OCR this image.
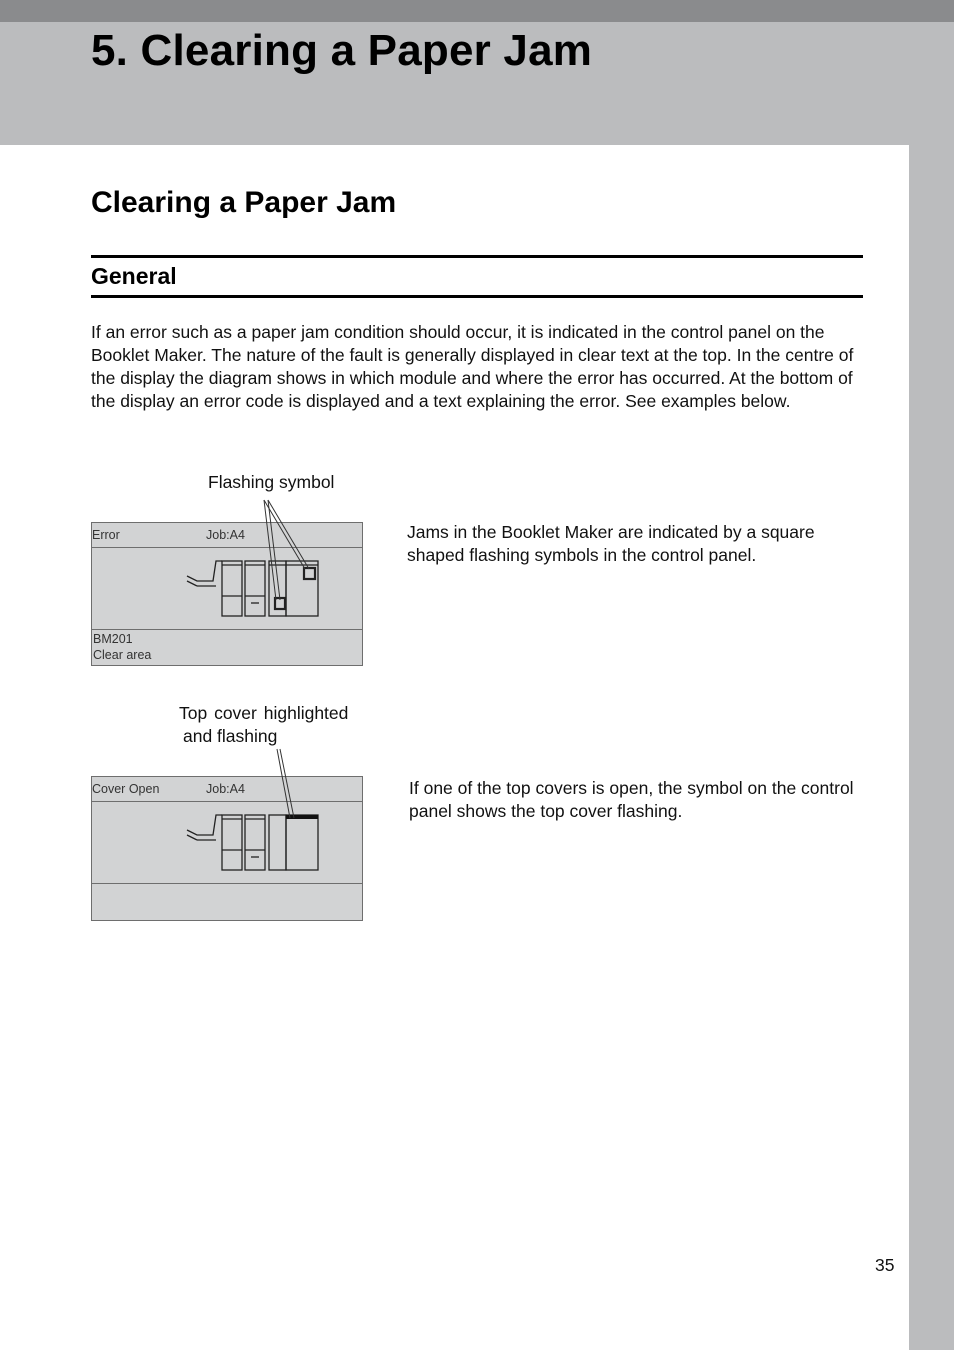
5. Clearing a Paper Jam
Clearing a Paper Jam
General

If an error such as a paper jam condition should occur, it is indicated in the control panel on the Booklet Maker. The nature of the fault is generally displayed in clear text at the top. In the centre of the display the diagram shows in which module and where the error has occurred. At the bottom of the display an error code is displayed and a text explaining the error. See examples below.

Flashing symbol

Error	Job:A4
BM201
Clear area

Jams in the Booklet Maker are indicated by a square shaped flashing symbols in the control panel.

Top cover highlighted

and flashing

Cover Open	Job:A4	If one of the top covers is open, the symbol on the control panel shows the top cover flashing.

35
